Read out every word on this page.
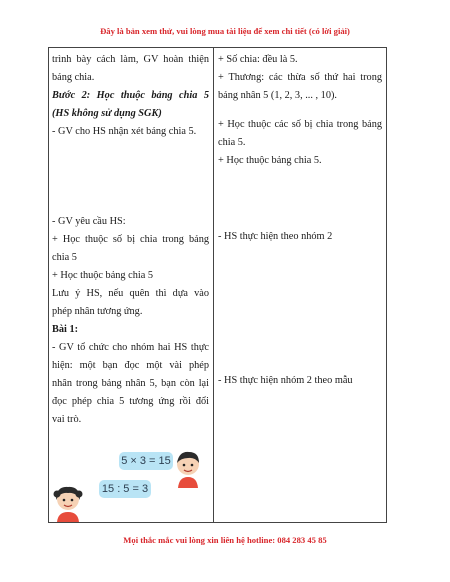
Đây là bản xem thử, vui lòng mua tài liệu để xem chi tiết (có lời giải)
trình bày cách làm, GV hoàn thiện
bảng chia.
Bước 2: Học thuộc bảng chia 5
(HS không sử dụng SGK)
- GV cho HS nhận xét bảng chia 5.
- GV yêu cầu HS:
+ Học thuộc số bị chia trong bảng
chia 5
+ Học thuộc bảng chia 5
Lưu ý HS, nếu quên thì dựa vào
phép nhân tương ứng.
Bài 1:
- GV tổ chức cho nhóm hai HS thực
hiện: một bạn đọc một vài phép
nhân trong bảng nhân 5, bạn còn lại
đọc phép chia 5 tương ứng rồi đổi
vai trò.
+ Số chia: đều là 5.
+ Thương: các thừa số thứ hai trong
bảng nhân 5 (1, 2, 3, ... , 10).
+ Học thuộc các số bị chia trong bảng
chia 5.
+ Học thuộc bảng chia 5.
- HS thực hiện theo nhóm 2
- HS thực hiện nhóm 2 theo mẫu
5 × 3 = 15
15 : 5 = 3
Mọi thắc mắc vui lòng xin liên hệ hotline: 084 283 45 85
